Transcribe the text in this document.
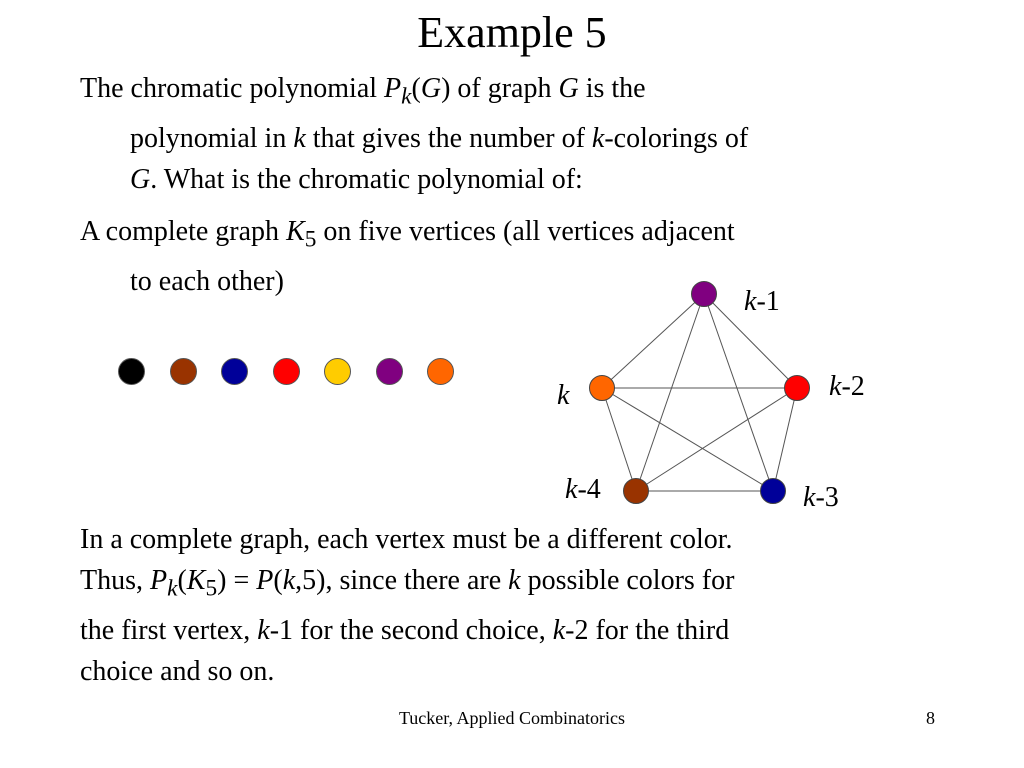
Example 5
The chromatic polynomial $P_k(G)$ of graph G is the
polynomial in k that gives the number of k-colorings of
G. What is the chromatic polynomial of:
A complete graph $K_5$ on five vertices (all vertices adjacent
to each other)
k-1
k-2
k-3
k-4
k
In a complete graph, each vertex must be a different color.
Thus, $P_k(K_5) = P(k,5)$, since there are k possible colors for
the first vertex, k-1 for the second choice, k-2 for the third
choice and so on.
Tucker, Applied Combinatorics	8
